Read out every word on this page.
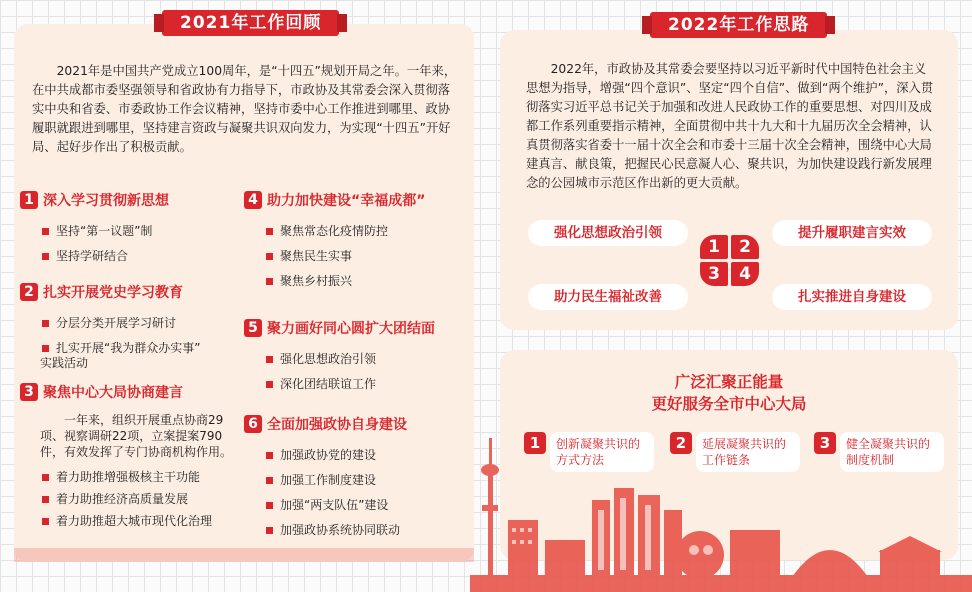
2021年工作回顾

2021年是中国共产党成立100周年，是“十四五”规划开局之年。一年来，在中共成都市委坚强领导和省政协有力指导下，市政协及其常委会深入贯彻落实中央和省委、市委政协工作会议精神，坚持市委中心工作推进到哪里、政协履职就跟进到哪里，坚持建言资政与凝聚共识双向发力，为实现“十四五”开好局、起好步作出了积极贡献。

1 深入学习贯彻新思想
坚持“第一议题”制
坚持学研结合
2 扎实开展党史学习教育
分层分类开展学习研讨
扎实开展“我为群众办实事”
实践活动
3 聚焦中心大局协商建言

一年来，组织开展重点协商29项、视察调研22项，立案提案790件，有效发挥了专门协商机构作用。

着力助推增强极核主干功能
着力助推经济高质量发展
着力助推超大城市现代化治理
4 助力加快建设“幸福成都”
聚焦常态化疫情防控
聚焦民生实事
聚焦乡村振兴
5 聚力画好同心圆扩大团结面
强化思想政治引领
深化团结联谊工作
6 全面加强政协自身建设
加强政协党的建设
加强工作制度建设
加强“两支队伍”建设
加强政协系统协同联动
2022年工作思路

2022年，市政协及其常委会要坚持以习近平新时代中国特色社会主义思想为指导，增强“四个意识”、坚定“四个自信”、做到“两个维护”，深入贯彻落实习近平总书记关于加强和改进人民政协工作的重要思想、对四川及成都工作系列重要指示精神，全面贯彻中共十九大和十九届历次全会精神，认真贯彻落实省委十一届十次全会和市委十三届十次全会精神，围绕中心大局建真言、献良策，把握民心民意凝人心、聚共识，为加快建设践行新发展理念的公园城市示范区作出新的更大贡献。

强化思想政治引领	提升履职建言实效
助力民生福祉改善	扎实推进自身建设
1	2
3	4
广泛汇聚正能量
更好服务全市中心大局
1	创新凝聚共识的方式方法
2	延展凝聚共识的工作链条
3	健全凝聚共识的制度机制
